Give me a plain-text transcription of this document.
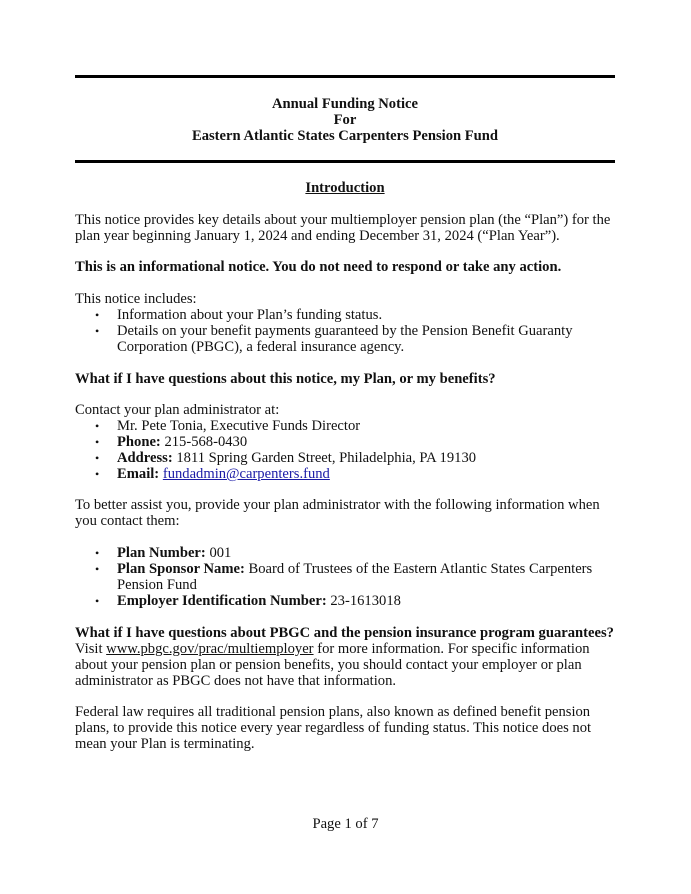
Annual Funding Notice
For
Eastern Atlantic States Carpenters Pension Fund
Introduction
This notice provides key details about your multiemployer pension plan (the “Plan”) for the plan year beginning January 1, 2024 and ending December 31, 2024 (“Plan Year”).
This is an informational notice. You do not need to respond or take any action.
This notice includes:
• Information about your Plan’s funding status.
• Details on your benefit payments guaranteed by the Pension Benefit Guaranty Corporation (PBGC), a federal insurance agency.
What if I have questions about this notice, my Plan, or my benefits?
Contact your plan administrator at:
• Mr. Pete Tonia, Executive Funds Director
• Phone: 215-568-0430
• Address: 1811 Spring Garden Street, Philadelphia, PA 19130
• Email: fundadmin@carpenters.fund
To better assist you, provide your plan administrator with the following information when you contact them:
• Plan Number: 001
• Plan Sponsor Name: Board of Trustees of the Eastern Atlantic States Carpenters Pension Fund
• Employer Identification Number: 23-1613018
What if I have questions about PBGC and the pension insurance program guarantees?
Visit www.pbgc.gov/prac/multiemployer for more information. For specific information about your pension plan or pension benefits, you should contact your employer or plan administrator as PBGC does not have that information.
Federal law requires all traditional pension plans, also known as defined benefit pension plans, to provide this notice every year regardless of funding status. This notice does not mean your Plan is terminating.
Page 1 of 7
